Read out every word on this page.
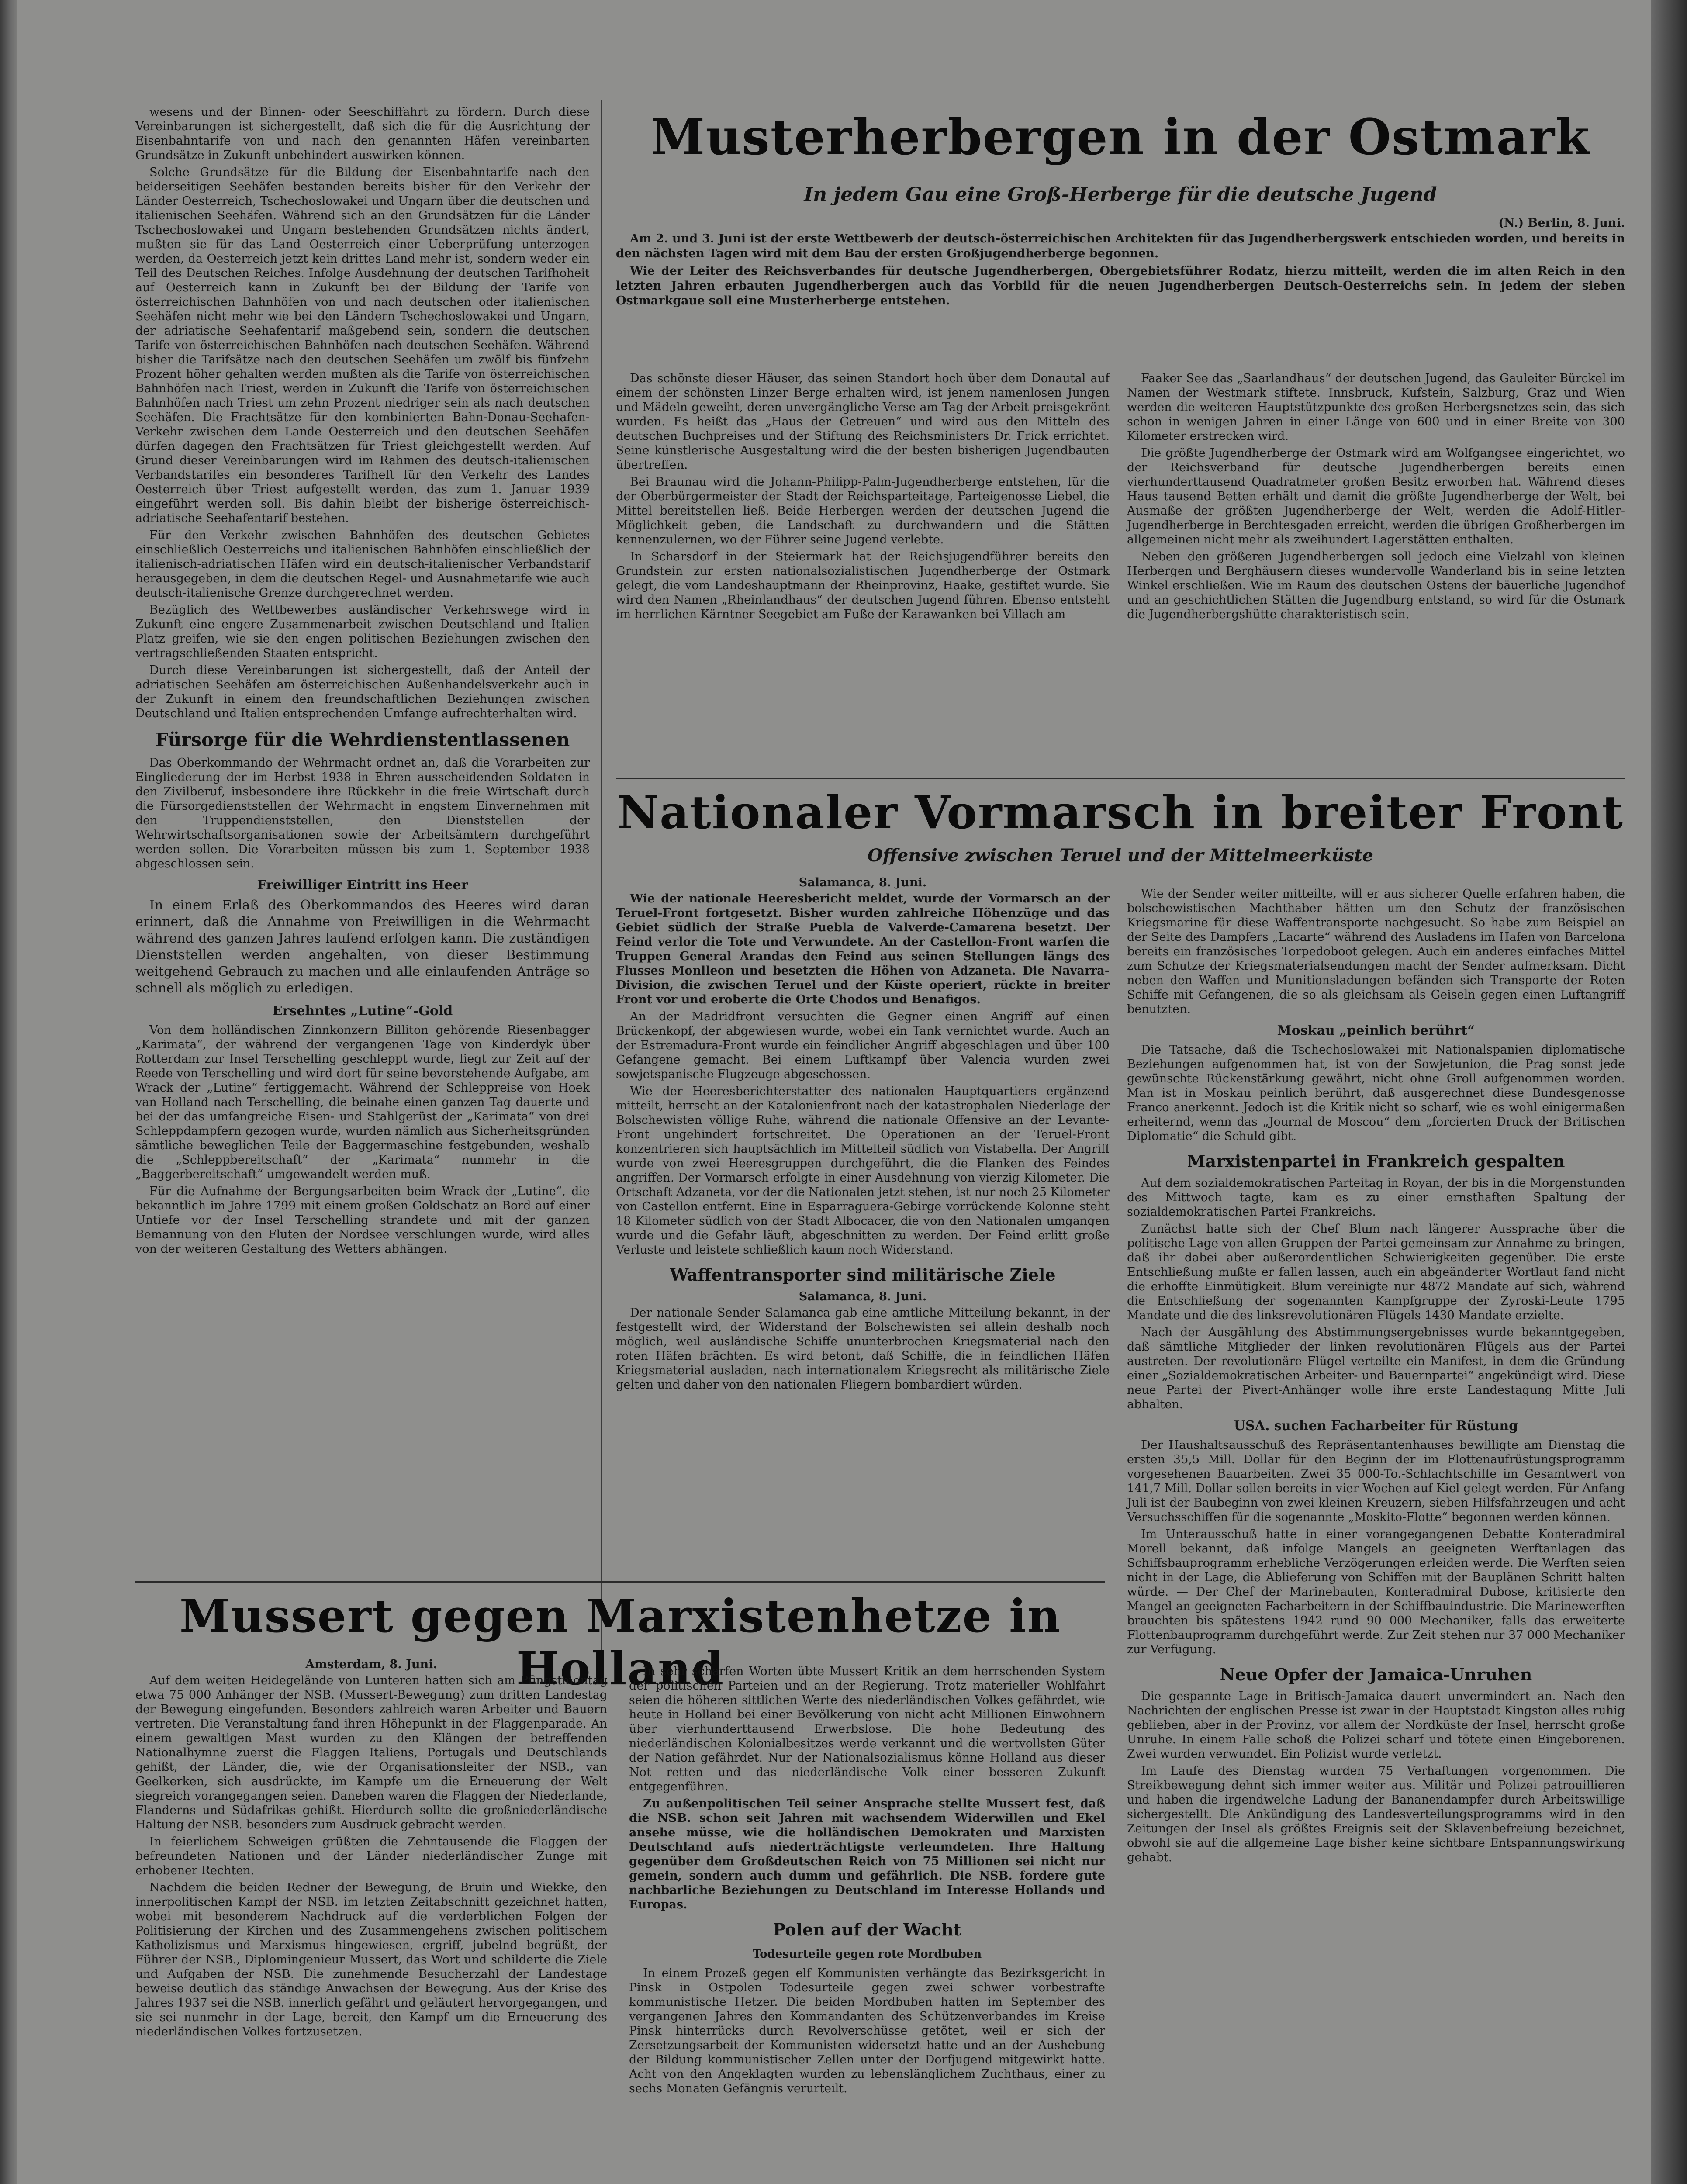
wesens und der Binnen- oder Seeschiffahrt zu fördern. Durch diese Vereinbarungen ist sichergestellt, daß sich die für die Ausrichtung der Eisenbahntarife von und nach den genannten Häfen vereinbarten Grundsätze in Zukunft unbehindert auswirken können.

Solche Grundsätze für die Bildung der Eisenbahntarife nach den beiderseitigen Seehäfen bestanden bereits bisher für den Verkehr der Länder Oesterreich, Tschechoslowakei und Ungarn über die deutschen und italienischen Seehäfen. Während sich an den Grundsätzen für die Länder Tschechoslowakei und Ungarn bestehenden Grundsätzen nichts ändert, mußten sie für das Land Oesterreich einer Ueberprüfung unterzogen werden, da Oesterreich jetzt kein drittes Land mehr ist, sondern weder ein Teil des Deutschen Reiches. Infolge Ausdehnung der deutschen Tarifhoheit auf Oesterreich kann in Zukunft bei der Bildung der Tarife von österreichischen Bahnhöfen von und nach deutschen oder italienischen Seehäfen nicht mehr wie bei den Ländern Tschechoslowakei und Ungarn, der adriatische Seehafentarif maßgebend sein, sondern die deutschen Tarife von österreichischen Bahnhöfen nach deutschen Seehäfen. Während bisher die Tarifsätze nach den deutschen Seehäfen um zwölf bis fünfzehn Prozent höher gehalten werden mußten als die Tarife von österreichischen Bahnhöfen nach Triest, werden in Zukunft die Tarife von österreichischen Bahnhöfen nach Triest um zehn Prozent niedriger sein als nach deutschen Seehäfen. Die Frachtsätze für den kombinierten Bahn-Donau-Seehafen-Verkehr zwischen dem Lande Oesterreich und den deutschen Seehäfen dürfen dagegen den Frachtsätzen für Triest gleichgestellt werden. Auf Grund dieser Vereinbarungen wird im Rahmen des deutsch-italienischen Verbandstarifes ein besonderes Tarifheft für den Verkehr des Landes Oesterreich über Triest aufgestellt werden, das zum 1. Januar 1939 eingeführt werden soll. Bis dahin bleibt der bisherige österreichisch-adriatische Seehafentarif bestehen.

Für den Verkehr zwischen Bahnhöfen des deutschen Gebietes einschließlich Oesterreichs und italienischen Bahnhöfen einschließlich der italienisch-adriatischen Häfen wird ein deutsch-italienischer Verbandstarif herausgegeben, in dem die deutschen Regel- und Ausnahmetarife wie auch deutsch-italienische Grenze durchgerechnet werden.

Bezüglich des Wettbewerbes ausländischer Verkehrswege wird in Zukunft eine engere Zusammenarbeit zwischen Deutschland und Italien Platz greifen, wie sie den engen politischen Beziehungen zwischen den vertragschließenden Staaten entspricht.

Durch diese Vereinbarungen ist sichergestellt, daß der Anteil der adriatischen Seehäfen am österreichischen Außenhandelsverkehr auch in der Zukunft in einem den freundschaftlichen Beziehungen zwischen Deutschland und Italien entsprechenden Umfange aufrechterhalten wird.

Fürsorge für die Wehrdienstentlassenen

Das Oberkommando der Wehrmacht ordnet an, daß die Vorarbeiten zur Eingliederung der im Herbst 1938 in Ehren ausscheidenden Soldaten in den Zivilberuf, insbesondere ihre Rückkehr in die freie Wirtschaft durch die Fürsorgedienststellen der Wehrmacht in engstem Einvernehmen mit den Truppendienststellen, den Dienststellen der Wehrwirtschaftsorganisationen sowie der Arbeitsämtern durchgeführt werden sollen. Die Vorarbeiten müssen bis zum 1. September 1938 abgeschlossen sein.

Freiwilliger Eintritt ins Heer

In einem Erlaß des Oberkommandos des Heeres wird daran erinnert, daß die Annahme von Freiwilligen in die Wehrmacht während des ganzen Jahres laufend erfolgen kann. Die zuständigen Dienststellen werden angehalten, von dieser Bestimmung weitgehend Gebrauch zu machen und alle einlaufenden Anträge so schnell als möglich zu erledigen.

Ersehntes „Lutine“-Gold

Von dem holländischen Zinnkonzern Billiton gehörende Riesenbagger „Karimata“, der während der vergangenen Tage von Kinderdyk über Rotterdam zur Insel Terschelling geschleppt wurde, liegt zur Zeit auf der Reede von Terschelling und wird dort für seine bevorstehende Aufgabe, am Wrack der „Lutine“ fertiggemacht. Während der Schleppreise von Hoek van Holland nach Terschelling, die beinahe einen ganzen Tag dauerte und bei der das umfangreiche Eisen- und Stahlgerüst der „Karimata“ von drei Schleppdampfern gezogen wurde, wurden nämlich aus Sicherheitsgründen sämtliche beweglichen Teile der Baggermaschine festgebunden, weshalb die „Schleppbereitschaft“ der „Karimata“ nunmehr in die „Baggerbereitschaft“ umgewandelt werden muß.

Für die Aufnahme der Bergungsarbeiten beim Wrack der „Lutine“, die bekanntlich im Jahre 1799 mit einem großen Goldschatz an Bord auf einer Untiefe vor der Insel Terschelling strandete und mit der ganzen Bemannung von den Fluten der Nordsee verschlungen wurde, wird alles von der weiteren Gestaltung des Wetters abhängen.

Musterherbergen in der Ostmark
In jedem Gau eine Groß-Herberge für die deutsche Jugend
(N.) Berlin, 8. Juni.

Am 2. und 3. Juni ist der erste Wettbewerb der deutsch-österreichischen Architekten für das Jugendherbergswerk entschieden worden, und bereits in den nächsten Tagen wird mit dem Bau der ersten Großjugendherberge begonnen.

Wie der Leiter des Reichsverbandes für deutsche Jugendherbergen, Obergebietsführer Rodatz, hierzu mitteilt, werden die im alten Reich in den letzten Jahren erbauten Jugendherbergen auch das Vorbild für die neuen Jugendherbergen Deutsch-Oesterreichs sein. In jedem der sieben Ostmarkgaue soll eine Musterherberge entstehen.

Das schönste dieser Häuser, das seinen Standort hoch über dem Donautal auf einem der schönsten Linzer Berge erhalten wird, ist jenem namenlosen Jungen und Mädeln geweiht, deren unvergängliche Verse am Tag der Arbeit preisgekrönt wurden. Es heißt das „Haus der Getreuen“ und wird aus den Mitteln des deutschen Buchpreises und der Stiftung des Reichsministers Dr. Frick errichtet. Seine künstlerische Ausgestaltung wird die der besten bisherigen Jugendbauten übertreffen.

Bei Braunau wird die Johann-Philipp-Palm-Jugendherberge entstehen, für die der Oberbürgermeister der Stadt der Reichsparteitage, Parteigenosse Liebel, die Mittel bereitstellen ließ. Beide Herbergen werden der deutschen Jugend die Möglichkeit geben, die Landschaft zu durchwandern und die Stätten kennenzulernen, wo der Führer seine Jugend verlebte.

In Scharsdorf in der Steiermark hat der Reichsjugendführer bereits den Grundstein zur ersten nationalsozialistischen Jugendherberge der Ostmark gelegt, die vom Landeshauptmann der Rheinprovinz, Haake, gestiftet wurde. Sie wird den Namen „Rheinlandhaus“ der deutschen Jugend führen. Ebenso entsteht im herrlichen Kärntner Seegebiet am Fuße der Karawanken bei Villach am

Faaker See das „Saarlandhaus“ der deutschen Jugend, das Gauleiter Bürckel im Namen der Westmark stiftete. Innsbruck, Kufstein, Salzburg, Graz und Wien werden die weiteren Hauptstützpunkte des großen Herbergsnetzes sein, das sich schon in wenigen Jahren in einer Länge von 600 und in einer Breite von 300 Kilometer erstrecken wird.

Die größte Jugendherberge der Ostmark wird am Wolfgangsee eingerichtet, wo der Reichsverband für deutsche Jugendherbergen bereits einen vierhunderttausend Quadratmeter großen Besitz erworben hat. Während dieses Haus tausend Betten erhält und damit die größte Jugendherberge der Welt, bei Ausmaße der größten Jugendherberge der Welt, werden die Adolf-Hitler-Jugendherberge in Berchtesgaden erreicht, werden die übrigen Großherbergen im allgemeinen nicht mehr als zweihundert Lagerstätten enthalten.

Neben den größeren Jugendherbergen soll jedoch eine Vielzahl von kleinen Herbergen und Berghäusern dieses wundervolle Wanderland bis in seine letzten Winkel erschließen. Wie im Raum des deutschen Ostens der bäuerliche Jugendhof und an geschichtlichen Stätten die Jugendburg entstand, so wird für die Ostmark die Jugendherbergshütte charakteristisch sein.

Nationaler Vormarsch in breiter Front
Offensive zwischen Teruel und der Mittelmeerküste
Salamanca, 8. Juni.

Wie der nationale Heeresbericht meldet, wurde der Vormarsch an der Teruel-Front fortgesetzt. Bisher wurden zahlreiche Höhenzüge und das Gebiet südlich der Straße Puebla de Valverde-Camarena besetzt. Der Feind verlor die Tote und Verwundete. An der Castellon-Front warfen die Truppen General Arandas den Feind aus seinen Stellungen längs des Flusses Monlleon und besetzten die Höhen von Adzaneta. Die Navarra-Division, die zwischen Teruel und der Küste operiert, rückte in breiter Front vor und eroberte die Orte Chodos und Benafigos.

An der Madridfront versuchten die Gegner einen Angriff auf einen Brückenkopf, der abgewiesen wurde, wobei ein Tank vernichtet wurde. Auch an der Estremadura-Front wurde ein feindlicher Angriff abgeschlagen und über 100 Gefangene gemacht. Bei einem Luftkampf über Valencia wurden zwei sowjetspanische Flugzeuge abgeschossen.

Wie der Heeresberichterstatter des nationalen Hauptquartiers ergänzend mitteilt, herrscht an der Katalonienfront nach der katastrophalen Niederlage der Bolschewisten völlige Ruhe, während die nationale Offensive an der Levante-Front ungehindert fortschreitet. Die Operationen an der Teruel-Front konzentrieren sich hauptsächlich im Mittelteil südlich von Vistabella. Der Angriff wurde von zwei Heeresgruppen durchgeführt, die die Flanken des Feindes angriffen. Der Vormarsch erfolgte in einer Ausdehnung von vierzig Kilometer. Die Ortschaft Adzaneta, vor der die Nationalen jetzt stehen, ist nur noch 25 Kilometer von Castellon entfernt. Eine in Esparraguera-Gebirge vorrückende Kolonne steht 18 Kilometer südlich von der Stadt Albocacer, die von den Nationalen umgangen wurde und die Gefahr läuft, abgeschnitten zu werden. Der Feind erlitt große Verluste und leistete schließlich kaum noch Widerstand.

Waffentransporter sind militärische Ziele
Salamanca, 8. Juni.

Der nationale Sender Salamanca gab eine amtliche Mitteilung bekannt, in der festgestellt wird, der Widerstand der Bolschewisten sei allein deshalb noch möglich, weil ausländische Schiffe ununterbrochen Kriegsmaterial nach den roten Häfen brächten. Es wird betont, daß Schiffe, die in feindlichen Häfen Kriegsmaterial ausladen, nach internationalem Kriegsrecht als militärische Ziele gelten und daher von den nationalen Fliegern bombardiert würden.

Wie der Sender weiter mitteilte, will er aus sicherer Quelle erfahren haben, die bolschewistischen Machthaber hätten um den Schutz der französischen Kriegsmarine für diese Waffentransporte nachgesucht. So habe zum Beispiel an der Seite des Dampfers „Lacarte“ während des Ausladens im Hafen von Barcelona bereits ein französisches Torpedoboot gelegen. Auch ein anderes einfaches Mittel zum Schutze der Kriegsmaterialsendungen macht der Sender aufmerksam. Dicht neben den Waffen und Munitionsladungen befänden sich Transporte der Roten Schiffe mit Gefangenen, die so als gleichsam als Geiseln gegen einen Luftangriff benutzten.

Moskau „peinlich berührt“

Die Tatsache, daß die Tschechoslowakei mit Nationalspanien diplomatische Beziehungen aufgenommen hat, ist von der Sowjetunion, die Prag sonst jede gewünschte Rückenstärkung gewährt, nicht ohne Groll aufgenommen worden. Man ist in Moskau peinlich berührt, daß ausgerechnet diese Bundesgenosse Franco anerkennt. Jedoch ist die Kritik nicht so scharf, wie es wohl einigermaßen erheiternd, wenn das „Journal de Moscou“ dem „forcierten Druck der Britischen Diplomatie“ die Schuld gibt.

Marxistenpartei in Frankreich gespalten

Auf dem sozialdemokratischen Parteitag in Royan, der bis in die Morgenstunden des Mittwoch tagte, kam es zu einer ernsthaften Spaltung der sozialdemokratischen Partei Frankreichs.

Zunächst hatte sich der Chef Blum nach längerer Aussprache über die politische Lage von allen Gruppen der Partei gemeinsam zur Annahme zu bringen, daß ihr dabei aber außerordentlichen Schwierigkeiten gegenüber. Die erste Entschließung mußte er fallen lassen, auch ein abgeänderter Wortlaut fand nicht die erhoffte Einmütigkeit. Blum vereinigte nur 4872 Mandate auf sich, während die Entschließung der sogenannten Kampfgruppe der Zyroski-Leute 1795 Mandate und die des linksrevolutionären Flügels 1430 Mandate erzielte.

Nach der Ausgählung des Abstimmungsergebnisses wurde bekanntgegeben, daß sämtliche Mitglieder der linken revolutionären Flügels aus der Partei austreten. Der revolutionäre Flügel verteilte ein Manifest, in dem die Gründung einer „Sozialdemokratischen Arbeiter- und Bauernpartei“ angekündigt wird. Diese neue Partei der Pivert-Anhänger wolle ihre erste Landestagung Mitte Juli abhalten.

USA. suchen Facharbeiter für Rüstung

Der Haushaltsausschuß des Repräsentantenhauses bewilligte am Dienstag die ersten 35,5 Mill. Dollar für den Beginn der im Flottenaufrüstungsprogramm vorgesehenen Bauarbeiten. Zwei 35 000-To.-Schlachtschiffe im Gesamtwert von 141,7 Mill. Dollar sollen bereits in vier Wochen auf Kiel gelegt werden. Für Anfang Juli ist der Baubeginn von zwei kleinen Kreuzern, sieben Hilfsfahrzeugen und acht Versuchsschiffen für die sogenannte „Moskito-Flotte“ begonnen werden können.

Im Unterausschuß hatte in einer vorangegangenen Debatte Konteradmiral Morell bekannt, daß infolge Mangels an geeigneten Werftanlagen das Schiffsbauprogramm erhebliche Verzögerungen erleiden werde. Die Werften seien nicht in der Lage, die Ablieferung von Schiffen mit der Bauplänen Schritt halten würde. — Der Chef der Marinebauten, Konteradmiral Dubose, kritisierte den Mangel an geeigneten Facharbeitern in der Schiffbauindustrie. Die Marinewerften brauchten bis spätestens 1942 rund 90 000 Mechaniker, falls das erweiterte Flottenbauprogramm durchgeführt werde. Zur Zeit stehen nur 37 000 Mechaniker zur Verfügung.

Neue Opfer der Jamaica-Unruhen

Die gespannte Lage in Britisch-Jamaica dauert unvermindert an. Nach den Nachrichten der englischen Presse ist zwar in der Hauptstadt Kingston alles ruhig geblieben, aber in der Provinz, vor allem der Nordküste der Insel, herrscht große Unruhe. In einem Falle schoß die Polizei scharf und tötete einen Eingeborenen. Zwei wurden verwundet. Ein Polizist wurde verletzt.

Im Laufe des Dienstag wurden 75 Verhaftungen vorgenommen. Die Streikbewegung dehnt sich immer weiter aus. Militär und Polizei patrouillieren und haben die irgendwelche Ladung der Bananendampfer durch Arbeitswillige sichergestellt. Die Ankündigung des Landesverteilungsprogramms wird in den Zeitungen der Insel als größtes Ereignis seit der Sklavenbefreiung bezeichnet, obwohl sie auf die allgemeine Lage bisher keine sichtbare Entspannungswirkung gehabt.

Mussert gegen Marxistenhetze in Holland
Amsterdam, 8. Juni.

Auf dem weiten Heidegelände von Lunteren hatten sich am Pfingstmontag etwa 75 000 Anhänger der NSB. (Mussert-Bewegung) zum dritten Landestag der Bewegung eingefunden. Besonders zahlreich waren Arbeiter und Bauern vertreten. Die Veranstaltung fand ihren Höhepunkt in der Flaggenparade. An einem gewaltigen Mast wurden zu den Klängen der betreffenden Nationalhymne zuerst die Flaggen Italiens, Portugals und Deutschlands gehißt, der Länder, die, wie der Organisationsleiter der NSB., van Geelkerken, sich ausdrückte, im Kampfe um die Erneuerung der Welt siegreich vorangegangen seien. Daneben waren die Flaggen der Niederlande, Flanderns und Südafrikas gehißt. Hierdurch sollte die großniederländische Haltung der NSB. besonders zum Ausdruck gebracht werden.

In feierlichem Schweigen grüßten die Zehntausende die Flaggen der befreundeten Nationen und der Länder niederländischer Zunge mit erhobener Rechten.

Nachdem die beiden Redner der Bewegung, de Bruin und Wiekke, den innerpolitischen Kampf der NSB. im letzten Zeitabschnitt gezeichnet hatten, wobei mit besonderem Nachdruck auf die verderblichen Folgen der Politisierung der Kirchen und des Zusammengehens zwischen politischem Katholizismus und Marxismus hingewiesen, ergriff, jubelnd begrüßt, der Führer der NSB., Diplomingenieur Mussert, das Wort und schilderte die Ziele und Aufgaben der NSB. Die zunehmende Besucherzahl der Landestage beweise deutlich das ständige Anwachsen der Bewegung. Aus der Krise des Jahres 1937 sei die NSB. innerlich gefährt und geläutert hervorgegangen, und sie sei nunmehr in der Lage, bereit, den Kampf um die Erneuerung des niederländischen Volkes fortzusetzen.

In sehr scharfen Worten übte Mussert Kritik an dem herrschenden System der politischen Parteien und an der Regierung. Trotz materieller Wohlfahrt seien die höheren sittlichen Werte des niederländischen Volkes gefährdet, wie heute in Holland bei einer Bevölkerung von nicht acht Millionen Einwohnern über vierhunderttausend Erwerbslose. Die hohe Bedeutung des niederländischen Kolonialbesitzes werde verkannt und die wertvollsten Güter der Nation gefährdet. Nur der Nationalsozialismus könne Holland aus dieser Not retten und das niederländische Volk einer besseren Zukunft entgegenführen.

Zu außenpolitischen Teil seiner Ansprache stellte Mussert fest, daß die NSB. schon seit Jahren mit wachsendem Widerwillen und Ekel ansehe müsse, wie die holländischen Demokraten und Marxisten Deutschland aufs niederträchtigste verleumdeten. Ihre Haltung gegenüber dem Großdeutschen Reich von 75 Millionen sei nicht nur gemein, sondern auch dumm und gefährlich. Die NSB. fordere gute nachbarliche Beziehungen zu Deutschland im Interesse Hollands und Europas.

Polen auf der Wacht
Todesurteile gegen rote Mordbuben

In einem Prozeß gegen elf Kommunisten verhängte das Bezirksgericht in Pinsk in Ostpolen Todesurteile gegen zwei schwer vorbestrafte kommunistische Hetzer. Die beiden Mordbuben hatten im September des vergangenen Jahres den Kommandanten des Schützenverbandes im Kreise Pinsk hinterrücks durch Revolverschüsse getötet, weil er sich der Zersetzungsarbeit der Kommunisten widersetzt hatte und an der Aushebung der Bildung kommunistischer Zellen unter der Dorfjugend mitgewirkt hatte. Acht von den Angeklagten wurden zu lebenslänglichem Zuchthaus, einer zu sechs Monaten Gefängnis verurteilt.
